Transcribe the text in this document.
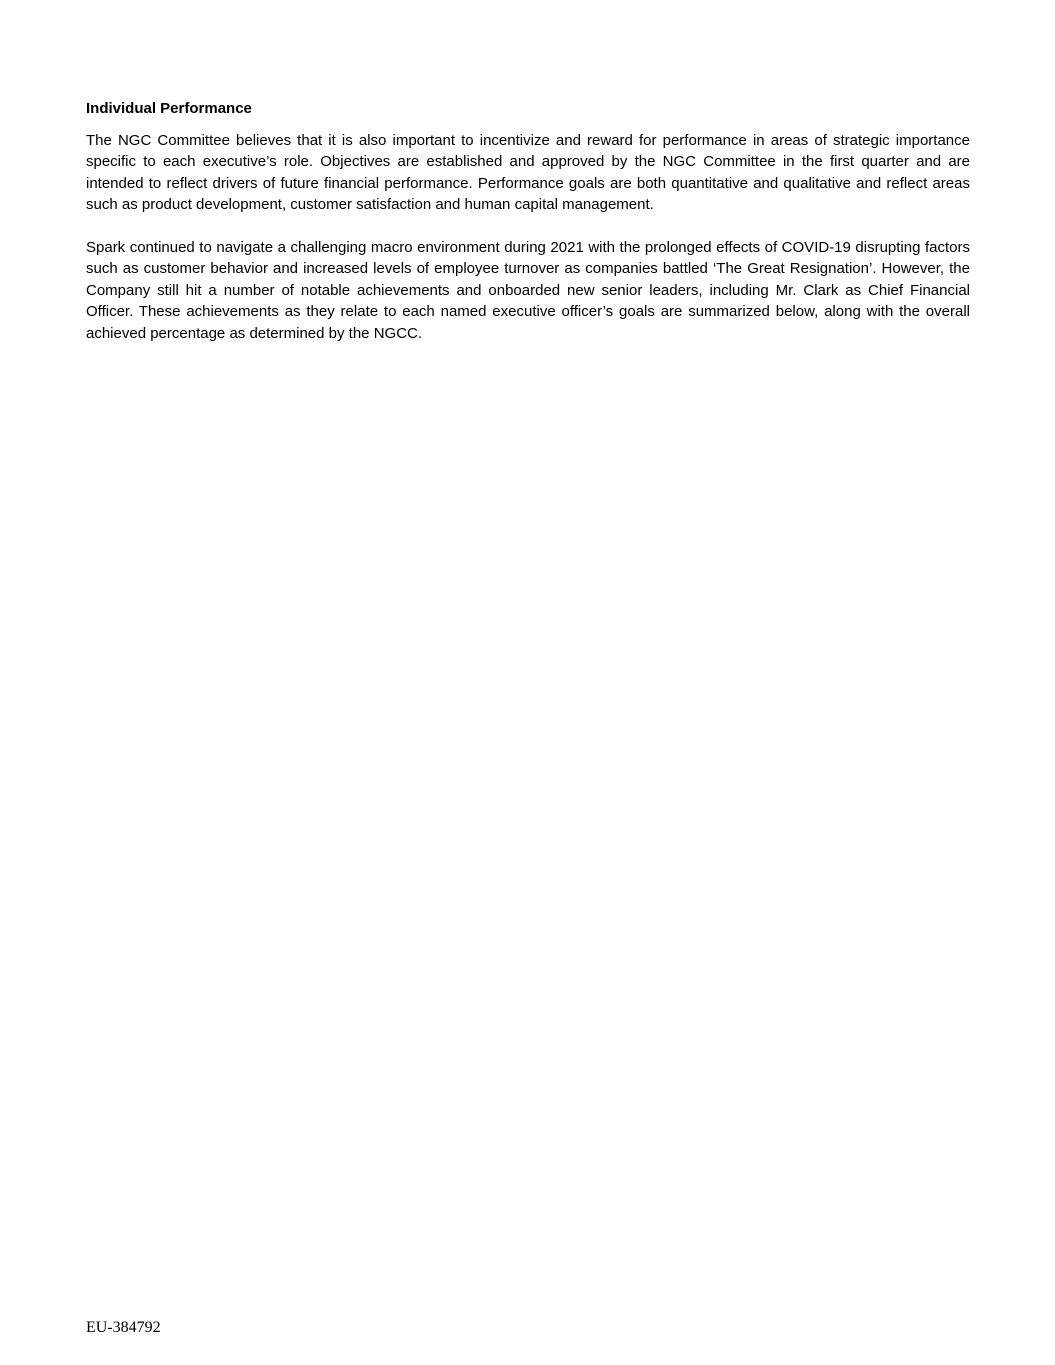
Individual Performance

The NGC Committee believes that it is also important to incentivize and reward for performance in areas of strategic importance specific to each executive’s role. Objectives are established and approved by the NGC Committee in the first quarter and are intended to reflect drivers of future financial performance. Performance goals are both quantitative and qualitative and reflect areas such as product development, customer satisfaction and human capital management.

Spark continued to navigate a challenging macro environment during 2021 with the prolonged effects of COVID-19 disrupting factors such as customer behavior and increased levels of employee turnover as companies battled ‘The Great Resignation’. However, the Company still hit a number of notable achievements and onboarded new senior leaders, including Mr. Clark as Chief Financial Officer. These achievements as they relate to each named executive officer’s goals are summarized below, along with the overall achieved percentage as determined by the NGCC.

EU-384792
